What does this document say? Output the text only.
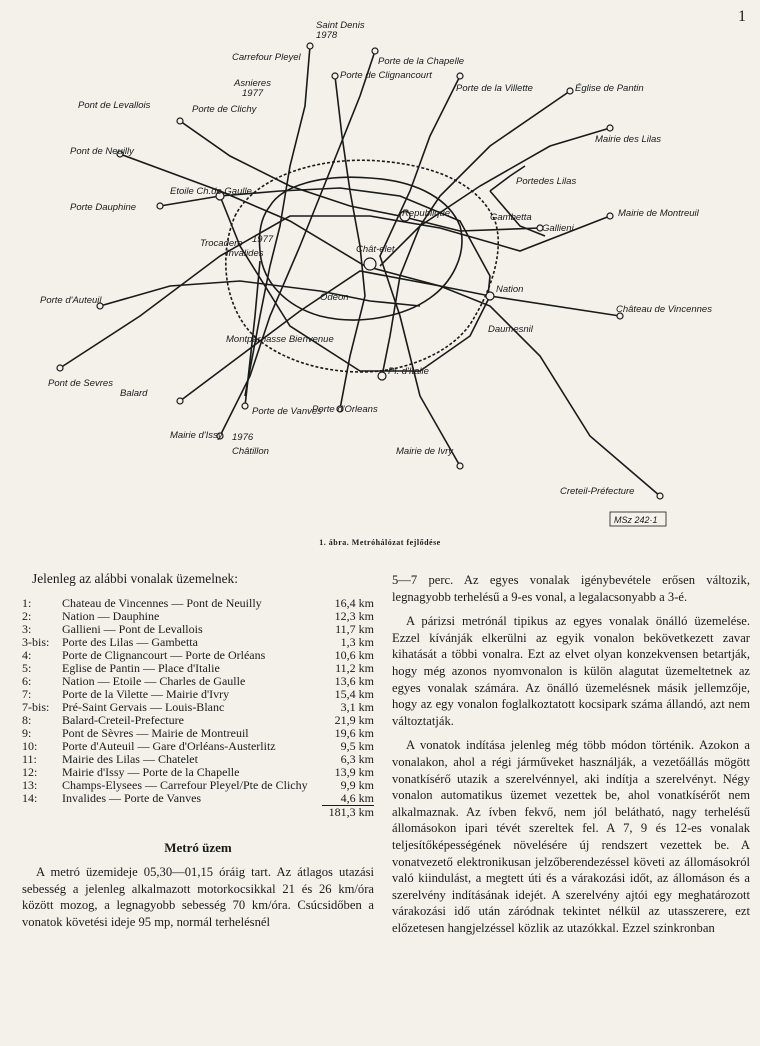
1
Saint Denis
1978
Carrefour Pleyel
Porte de Clignancourt
Porte de la Chapelle
Porte de la Villette	Église de Pantin
Asnieres
1977
Porte de Clichy
Pont de Levallois
Mairie des Lilas
Pont de Neuilly
Portedes Lilas
Etoile Ch.de Gaulle
Republique	Gambetta
Porte Dauphine
Mairie de Montreuil
Gallieni
Trocadero 1977
Invalides	Chât-elet
Nation
Porte d'Auteuil	Odeon
Château de Vincennes
Daumesnil
Pont de Sevres
Montparnasse Bienvenue
Pl. d'Italie
Balard
Porte de Vanves
Porte d'Orleans
Mairie d'Issy 1976
Châtillon	Mairie de Ivry
Creteil-Préfecture
MSz 242·1
1. ábra. Metróhálózat fejlődése
Jelenleg az alábbi vonalak üzemelnek:
1:	Chateau de Vincennes — Pont de Neuilly	16,4 km
2:	Nation — Dauphine	12,3 km
3:	Gallieni — Pont de Levallois	11,7 km
3-bis:	Porte des Lilas — Gambetta	1,3 km
4:	Porte de Clignancourt — Porte de Orléans	10,6 km
5:	Eglise de Pantin — Place d'Italie	11,2 km
6:	Nation — Etoile — Charles de Gaulle	13,6 km
7:	Porte de la Vilette — Mairie d'Ivry	15,4 km
7-bis:	Pré-Saint Gervais — Louis-Blanc	3,1 km
8:	Balard-Creteil-Prefecture	21,9 km
9:	Pont de Sèvres — Mairie de Montreuil	19,6 km
10:	Porte d'Auteuil — Gare d'Orléans-Austerlitz	9,5 km
11:	Mairie des Lilas — Chatelet	6,3 km
12:	Mairie d'Issy — Porte de la Chapelle	13,9 km
13:	Champs-Elysees — Carrefour Pleyel/Pte de Clichy	9,9 km
14:	Invalides — Porte de Vanves	4,6 km
181,3 km
Metró üzem

A metró üzemideje 05,30—01,15 óráig tart. Az átlagos utazási sebesség a jelenleg alkalmazott motorkocsikkal 21 és 26 km/óra között mozog, a legnagyobb sebesség 70 km/óra. Csúcsidőben a vonatok követési ideje 95 mp, normál terhelésnél

5—7 perc. Az egyes vonalak igénybevétele erősen változik, legnagyobb terhelésű a 9-es vonal, a legalacsonyabb a 3-é.

A párizsi metrónál tipikus az egyes vonalak önálló üzemelése. Ezzel kívánják elkerülni az egyik vonalon bekövetkezett zavar kihatását a többi vonalra. Ezt az elvet olyan konzekvensen betartják, hogy még azonos nyomvonalon is külön alagutat üzemeltetnek az egyes vonalak számára. Az önálló üzemelésnek másik jellemzője, hogy az egy vonalon foglalkoztatott kocsipark száma állandó, azt nem változtatják.

A vonatok indítása jelenleg még több módon történik. Azokon a vonalakon, ahol a régi járműveket használják, a vezetőállás mögött vonatkísérő utazik a szerelvénnyel, aki indítja a szerelvényt. Négy vonalon automatikus üzemet vezettek be, ahol vonatkísérőt nem alkalmaznak. Az ívben fekvő, nem jól belátható, nagy terhelésű állomásokon ipari tévét szereltek fel. A 7, 9 és 12-es vonalak teljesítőképességének növelésére új rendszert vezettek be. A vonatvezető elektronikusan jelzőberendezéssel követi az állomásokról való kiindulást, a megtett úti és a várakozási időt, az állomáson és a szerelvény indításának idejét. A szerelvény ajtói egy meghatározott várakozási idő után záródnak tekintet nélkül az utasszerere, ezt előzetesen hangjelzéssel közlik az utazókkal. Ezzel szinkronban
